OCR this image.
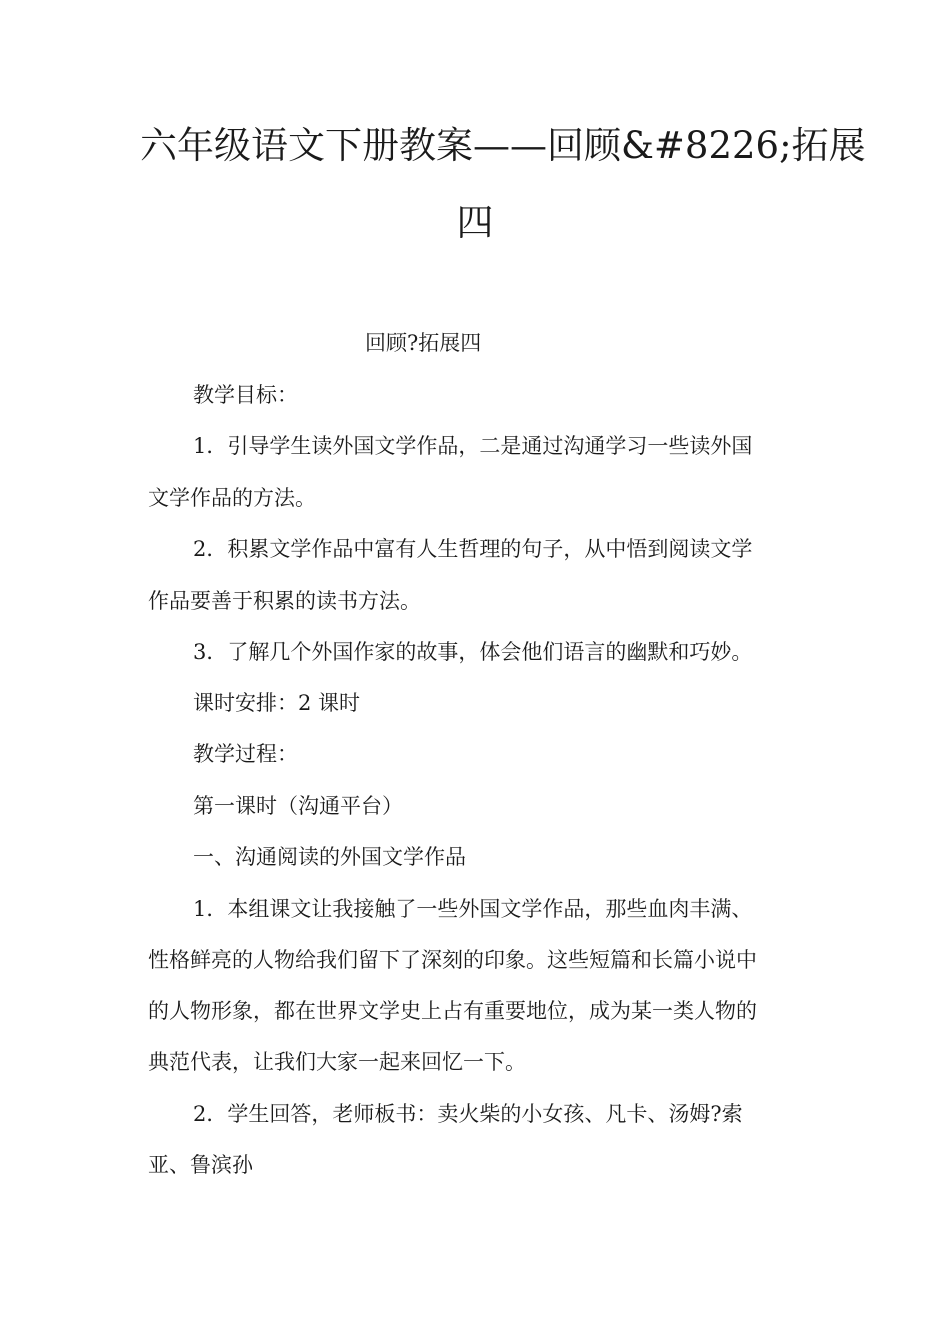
六年级语文下册教案——回顾&#8226;拓展
四

回顾?拓展四

教学目标：

1．引导学生读外国文学作品，二是通过沟通学习一些读外国

文学作品的方法。

2．积累文学作品中富有人生哲理的句子，从中悟到阅读文学

作品要善于积累的读书方法。

3．了解几个外国作家的故事，体会他们语言的幽默和巧妙。

课时安排：2 课时

教学过程：

第一课时（沟通平台）

一、沟通阅读的外国文学作品

1．本组课文让我接触了一些外国文学作品，那些血肉丰满、

性格鲜亮的人物给我们留下了深刻的印象。这些短篇和长篇小说中

的人物形象，都在世界文学史上占有重要地位，成为某一类人物的

典范代表，让我们大家一起来回忆一下。

2．学生回答，老师板书：卖火柴的小女孩、凡卡、汤姆?索

亚、鲁滨孙
